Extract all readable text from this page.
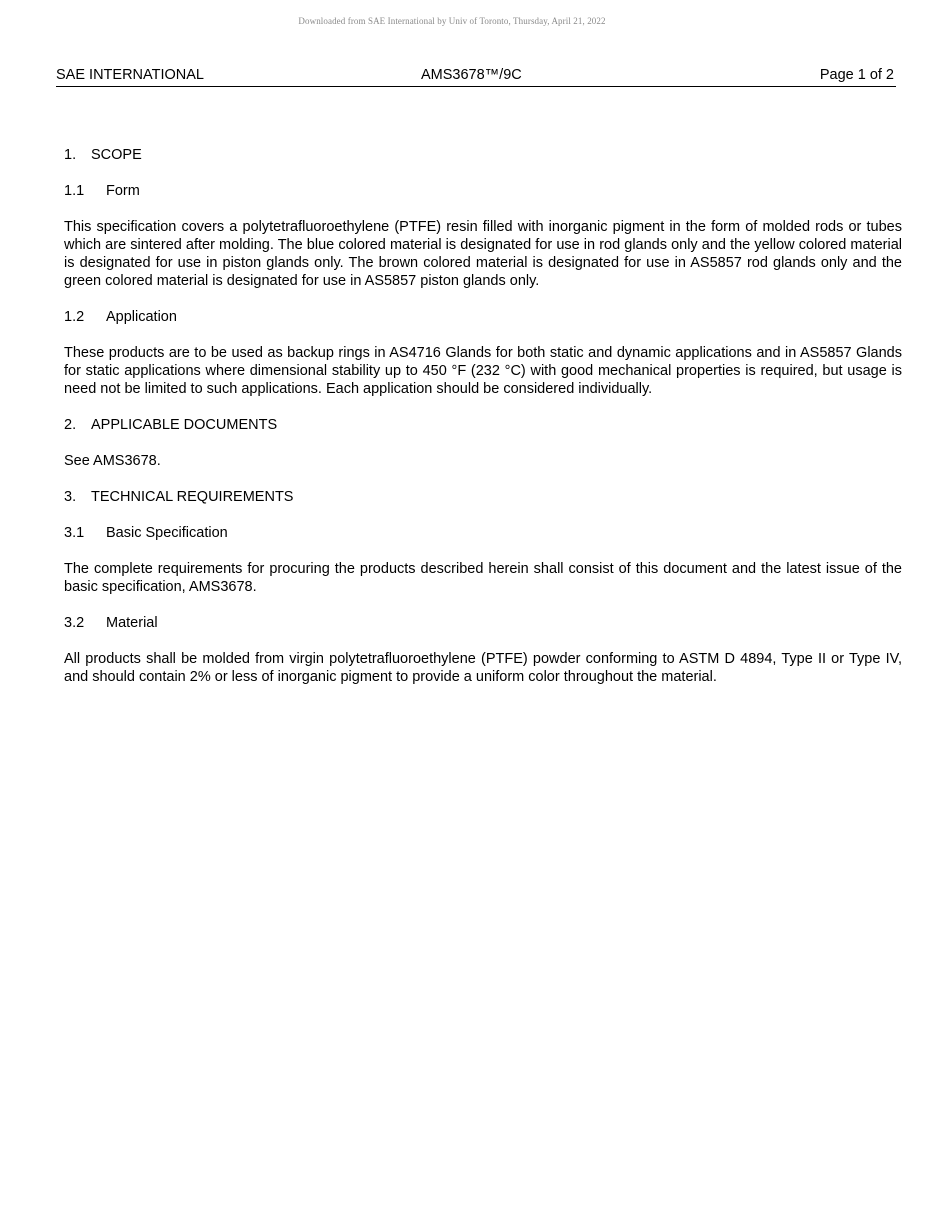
Downloaded from SAE International by Univ of Toronto, Thursday, April 21, 2022
SAE INTERNATIONAL	AMS3678™/9C	Page 1 of 2
1. SCOPE
1.1 Form

This specification covers a polytetrafluoroethylene (PTFE) resin filled with inorganic pigment in the form of molded rods or tubes which are sintered after molding. The blue colored material is designated for use in rod glands only and the yellow colored material is designated for use in piston glands only. The brown colored material is designated for use in AS5857 rod glands only and the green colored material is designated for use in AS5857 piston glands only.

1.2 Application

These products are to be used as backup rings in AS4716 Glands for both static and dynamic applications and in AS5857 Glands for static applications where dimensional stability up to 450 °F (232 °C) with good mechanical properties is required, but usage is need not be limited to such applications. Each application should be considered individually.

2. APPLICABLE DOCUMENTS

See AMS3678.

3. TECHNICAL REQUIREMENTS
3.1 Basic Specification

The complete requirements for procuring the products described herein shall consist of this document and the latest issue of the basic specification, AMS3678.

3.2 Material

All products shall be molded from virgin polytetrafluoroethylene (PTFE) powder conforming to ASTM D 4894, Type II or Type IV, and should contain 2% or less of inorganic pigment to provide a uniform color throughout the material.
